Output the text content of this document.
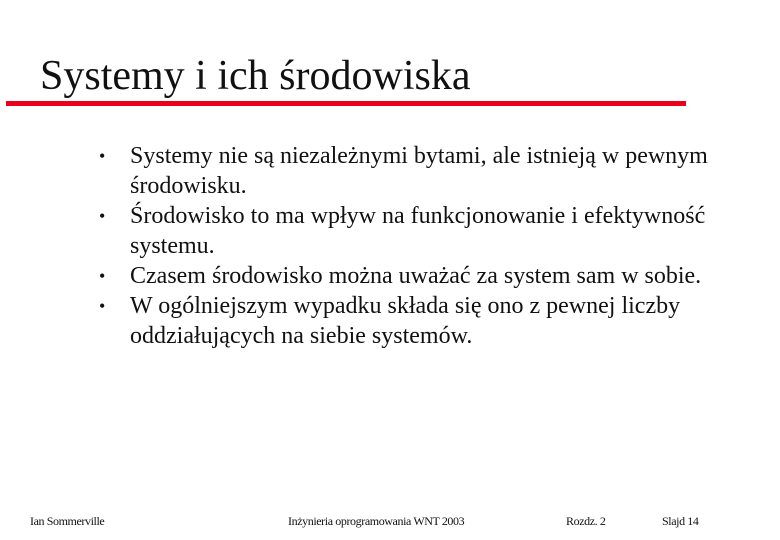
Systemy i ich środowiska
• Systemy nie są niezależnymi bytami, ale istnieją w pewnym środowisku.
• Środowisko to ma wpływ na funkcjonowanie i efektywność systemu.
• Czasem środowisko można uważać za system sam w sobie.
• W ogólniejszym wypadku składa się ono z pewnej liczby oddziałujących na siebie systemów.
Ian Sommerville	Inżynieria oprogramowania WNT 2003	Rozdz. 2	Slajd 14
